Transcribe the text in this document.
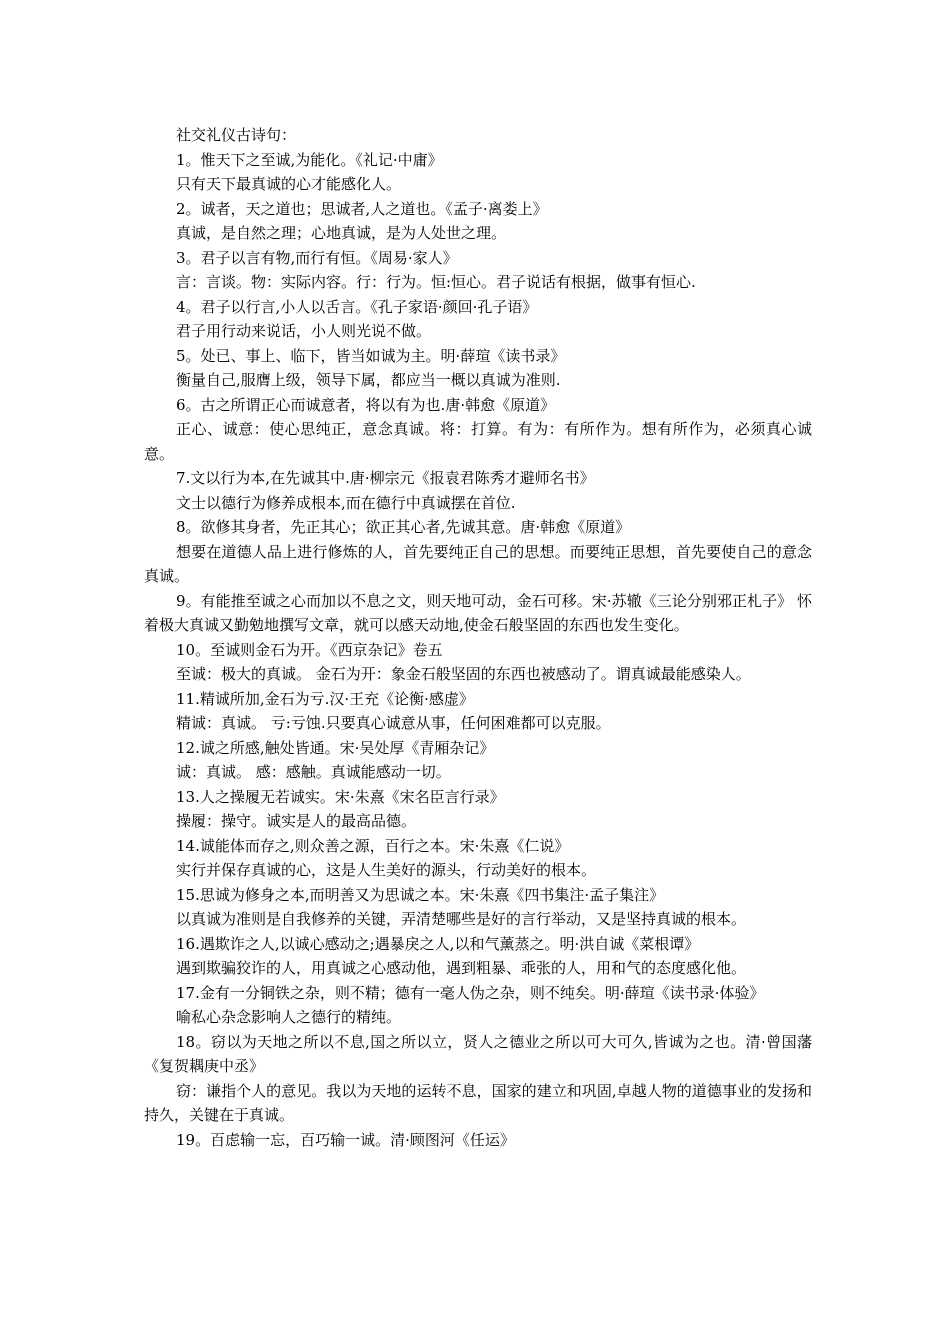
社交礼仪古诗句：

1。惟天下之至诚,为能化。《礼记·中庸》

只有天下最真诚的心才能感化人。

2。诚者，天之道也；思诚者,人之道也。《孟子·离娄上》

真诚，是自然之理；心地真诚，是为人处世之理。

3。君子以言有物,而行有恒。《周易·家人》

言：言谈。物：实际内容。行：行为。恒:恒心。君子说话有根据，做事有恒心.

4。君子以行言,小人以舌言。《孔子家语·颜回·孔子语》

君子用行动来说话，小人则光说不做。

5。处已、事上、临下，皆当如诚为主。明·薛瑄《读书录》

衡量自己,服膺上级，领导下属，都应当一概以真诚为准则.

6。古之所谓正心而诚意者，将以有为也.唐·韩愈《原道》

正心、诚意：使心思纯正，意念真诚。将：打算。有为：有所作为。想有所作为，必须真心诚意。

7.文以行为本,在先诚其中.唐·柳宗元《报袁君陈秀才避师名书》

文士以德行为修养成根本,而在德行中真诚摆在首位.

8。欲修其身者，先正其心；欲正其心者,先诚其意。唐·韩愈《原道》

想要在道德人品上进行修炼的人，首先要纯正自己的思想。而要纯正思想，首先要使自己的意念真诚。

9。有能推至诚之心而加以不息之文，则天地可动，金石可移。宋·苏辙《三论分别邪正札子》 怀着极大真诚又勤勉地撰写文章，就可以感天动地,使金石般坚固的东西也发生变化。

10。至诚则金石为开。《西京杂记》卷五

至诚：极大的真诚。 金石为开：象金石般坚固的东西也被感动了。谓真诚最能感染人。

11.精诚所加,金石为亏.汉·王充《论衡·感虚》

精诚：真诚。 亏:亏蚀.只要真心诚意从事，任何困难都可以克服。

12.诚之所感,触处皆通。宋·吴处厚《青厢杂记》

诚：真诚。 感：感触。真诚能感动一切。

13.人之操履无若诚实。宋·朱熹《宋名臣言行录》

操履：操守。诚实是人的最高品德。

14.诚能体而存之,则众善之源，百行之本。宋·朱熹《仁说》

实行并保存真诚的心，这是人生美好的源头，行动美好的根本。

15.思诚为修身之本,而明善又为思诚之本。宋·朱熹《四书集注·孟子集注》

以真诚为准则是自我修养的关键，弄清楚哪些是好的言行举动，又是坚持真诚的根本。

16.遇欺诈之人,以诚心感动之;遇暴戾之人,以和气薰蒸之。明·洪自诚《菜根谭》

遇到欺骗狡诈的人，用真诚之心感动他，遇到粗暴、乖张的人，用和气的态度感化他。

17.金有一分铜铁之杂，则不精；德有一毫人伪之杂，则不纯矣。明·薛瑄《读书录·体验》

喻私心杂念影响人之德行的精纯。

18。窃以为天地之所以不息,国之所以立，贤人之德业之所以可大可久,皆诚为之也。清·曾国藩《复贺耦庚中丞》

窃：谦指个人的意见。我以为天地的运转不息，国家的建立和巩固,卓越人物的道德事业的发扬和持久，关键在于真诚。

19。百虑输一忘，百巧输一诚。清·顾图河《任运》
